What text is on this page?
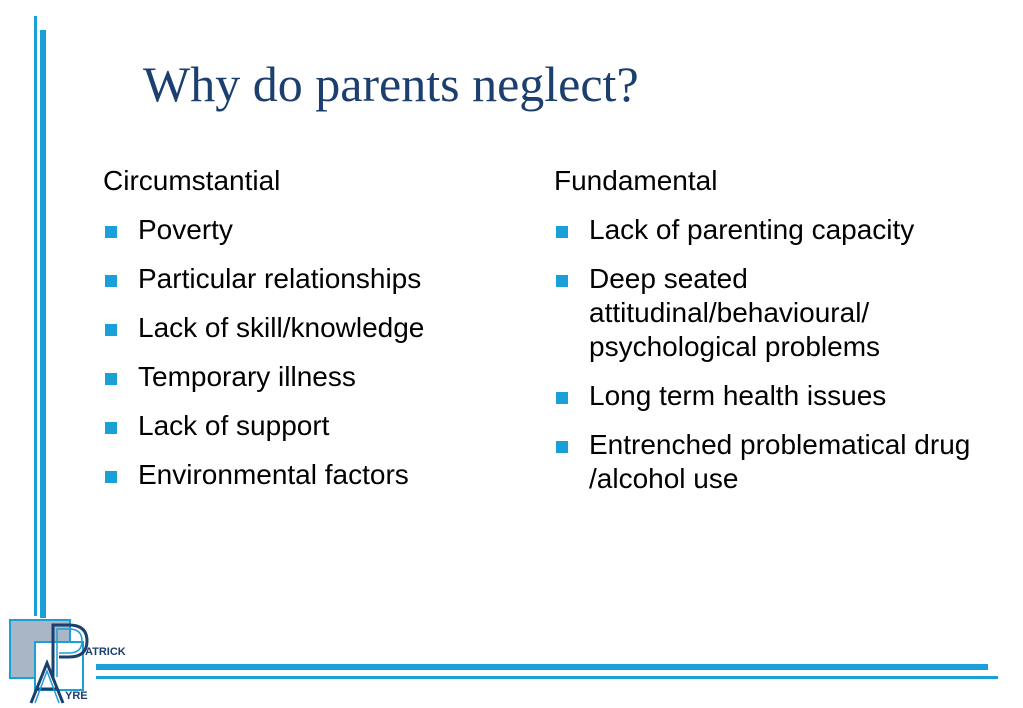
Why do parents neglect?
Circumstantial
Poverty
Particular relationships
Lack of skill/knowledge
Temporary illness
Lack of support
Environmental factors
Fundamental
Lack of parenting capacity
Deep seated attitudinal/behavioural/ psychological problems
Long term health issues
Entrenched problematical drug /alcohol use
ATRICK
YRE
